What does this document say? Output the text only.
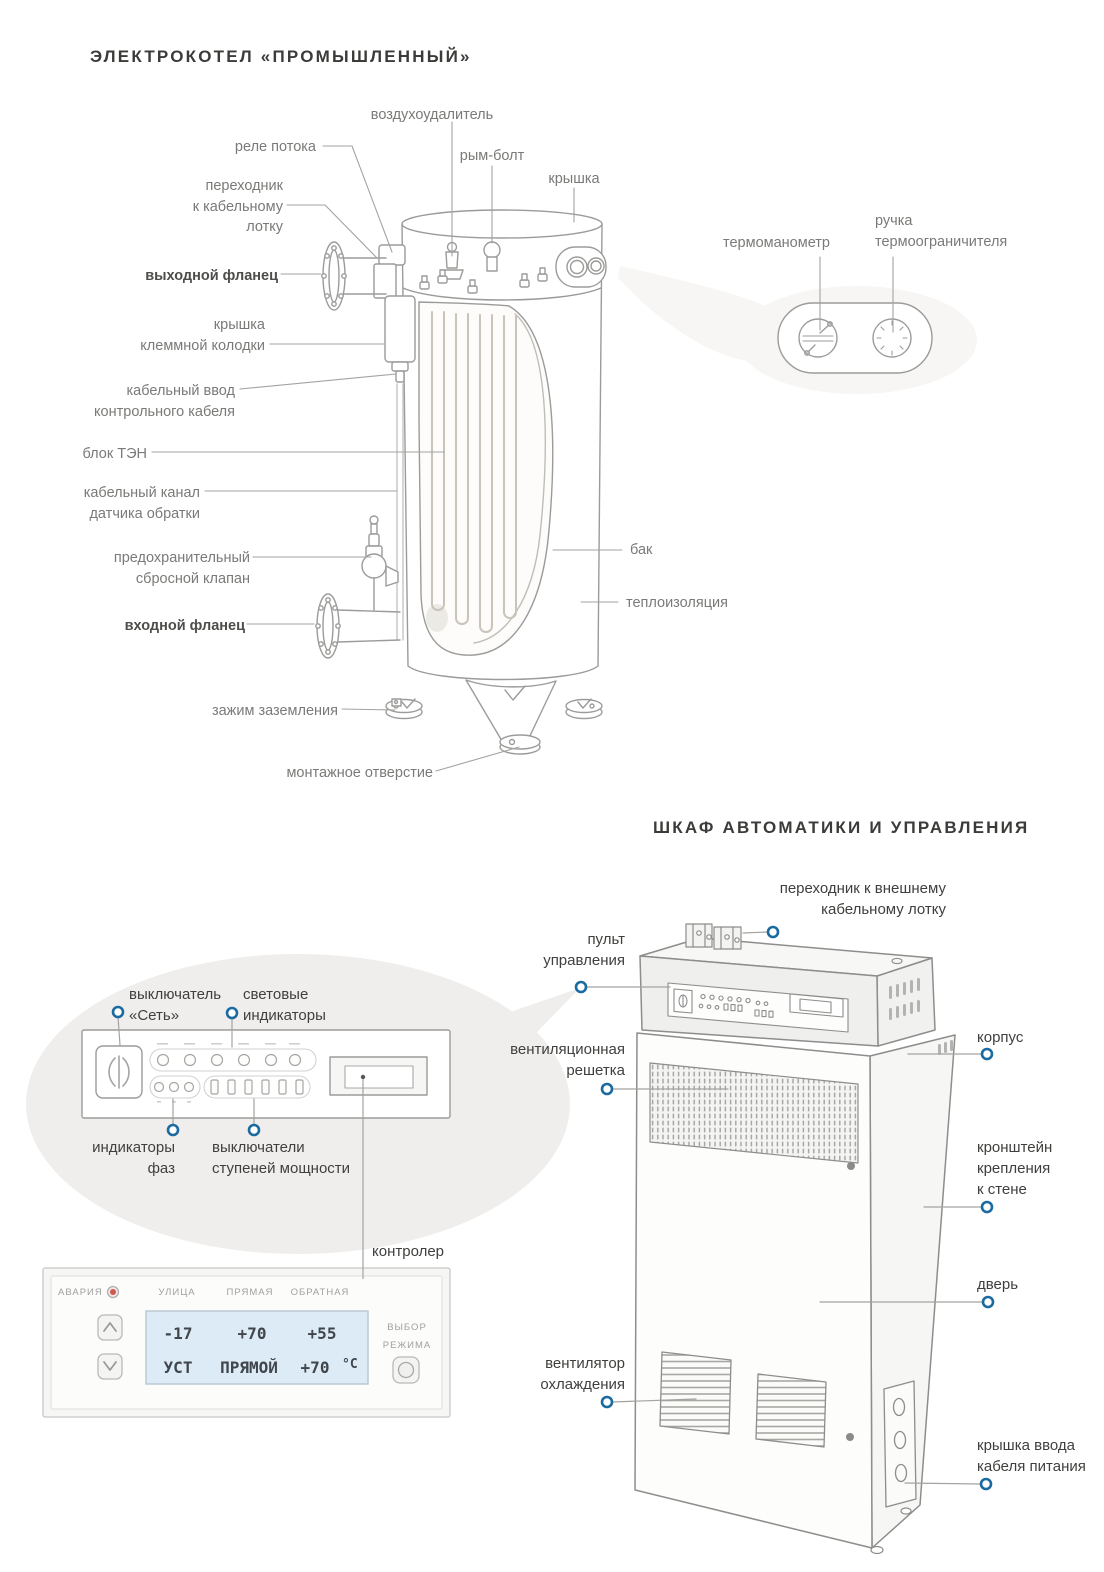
ЭЛЕКТРОКОТЕЛ «ПРОМЫШЛЕННЫЙ»
ШКАФ АВТОМАТИКИ И УПРАВЛЕНИЯ
воздухоудалитель
реле потока
переходник
к кабельному
лотку
рым-болт
крышка
выходной фланец
крышка
клеммной колодки
кабельный ввод
контрольного кабеля
блок ТЭН
кабельный канал
датчика обратки
предохранительный
сбросной клапан
входной фланец
зажим заземления
монтажное отверстие
термоманометр
ручка
термоограничителя
бак
теплоизоляция
переходник к внешнему
кабельному лотку
пульт
управления
вентиляционная
решетка
корпус
кронштейн
крепления
к стене
дверь
вентилятор
охлаждения
крышка ввода
кабеля питания
выключатель
«Сеть»
световые
индикаторы
индикаторы
фаз
выключатели
ступеней мощности
контролер
АВАРИЯ	УЛИЦА	ПРЯМАЯ	ОБРАТНАЯ
ВЫБОР
РЕЖИМА
-17	+70	+55
УСТ	ПРЯМОЙ	+70 °C
